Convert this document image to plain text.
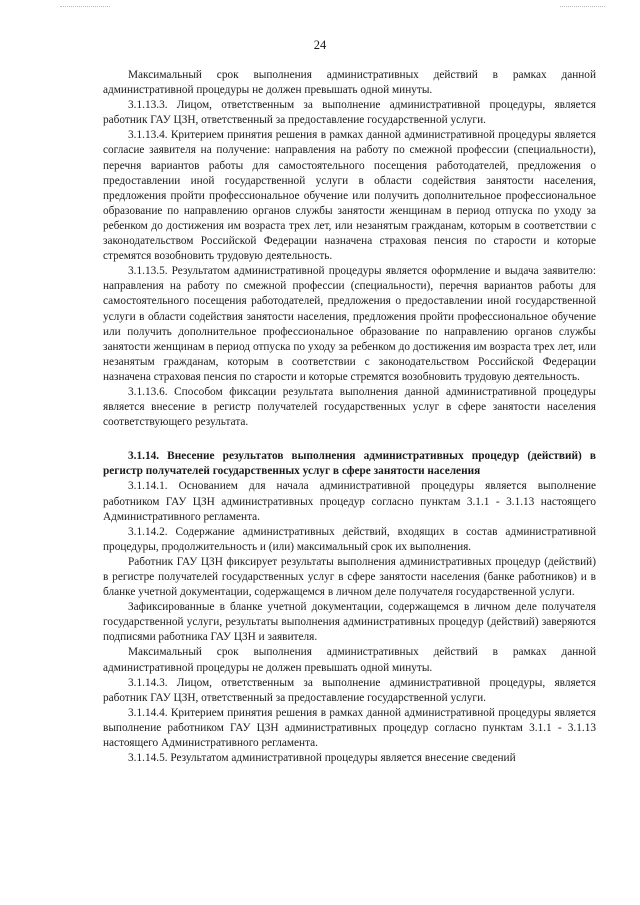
24

Максимальный срок выполнения административных действий в рамках данной административной процедуры не должен превышать одной минуты.

3.1.13.3. Лицом, ответственным за выполнение административной процедуры, является работник ГАУ ЦЗН, ответственный за предоставление государственной услуги.

3.1.13.4. Критерием принятия решения в рамках данной административной процедуры является согласие заявителя на получение: направления на работу по смежной профессии (специальности), перечня вариантов работы для самостоятельного посещения работодателей, предложения о предоставлении иной государственной услуги в области содействия занятости населения, предложения пройти профессиональное обучение или получить дополнительное профессиональное образование по направлению органов службы занятости женщинам в период отпуска по уходу за ребенком до достижения им возраста трех лет, или незанятым гражданам, которым в соответствии с законодательством Российской Федерации назначена страховая пенсия по старости и которые стремятся возобновить трудовую деятельность.

3.1.13.5. Результатом административной процедуры является оформление и выдача заявителю: направления на работу по смежной профессии (специальности), перечня вариантов работы для самостоятельного посещения работодателей, предложения о предоставлении иной государственной услуги в области содействия занятости населения, предложения пройти профессиональное обучение или получить дополнительное профессиональное образование по направлению органов службы занятости женщинам в период отпуска по уходу за ребенком до достижения им возраста трех лет, или незанятым гражданам, которым в соответствии с законодательством Российской Федерации назначена страховая пенсия по старости и которые стремятся возобновить трудовую деятельность.

3.1.13.6. Способом фиксации результата выполнения данной административной процедуры является внесение в регистр получателей государственных услуг в сфере занятости населения соответствующего результата.

3.1.14. Внесение результатов выполнения административных процедур (действий) в регистр получателей государственных услуг в сфере занятости населения

3.1.14.1. Основанием для начала административной процедуры является выполнение работником ГАУ ЦЗН административных процедур согласно пунктам 3.1.1 - 3.1.13 настоящего Административного регламента.

3.1.14.2. Содержание административных действий, входящих в состав административной процедуры, продолжительность и (или) максимальный срок их выполнения.

Работник ГАУ ЦЗН фиксирует результаты выполнения административных процедур (действий) в регистре получателей государственных услуг в сфере занятости населения (банке работников) и в бланке учетной документации, содержащемся в личном деле получателя государственной услуги.

Зафиксированные в бланке учетной документации, содержащемся в личном деле получателя государственной услуги, результаты выполнения административных процедур (действий) заверяются подписями работника ГАУ ЦЗН и заявителя.

Максимальный срок выполнения административных действий в рамках данной административной процедуры не должен превышать одной минуты.

3.1.14.3. Лицом, ответственным за выполнение административной процедуры, является работник ГАУ ЦЗН, ответственный за предоставление государственной услуги.

3.1.14.4. Критерием принятия решения в рамках данной административной процедуры является выполнение работником ГАУ ЦЗН административных процедур согласно пунктам 3.1.1 - 3.1.13 настоящего Административного регламента.

3.1.14.5. Результатом административной процедуры является внесение сведений
